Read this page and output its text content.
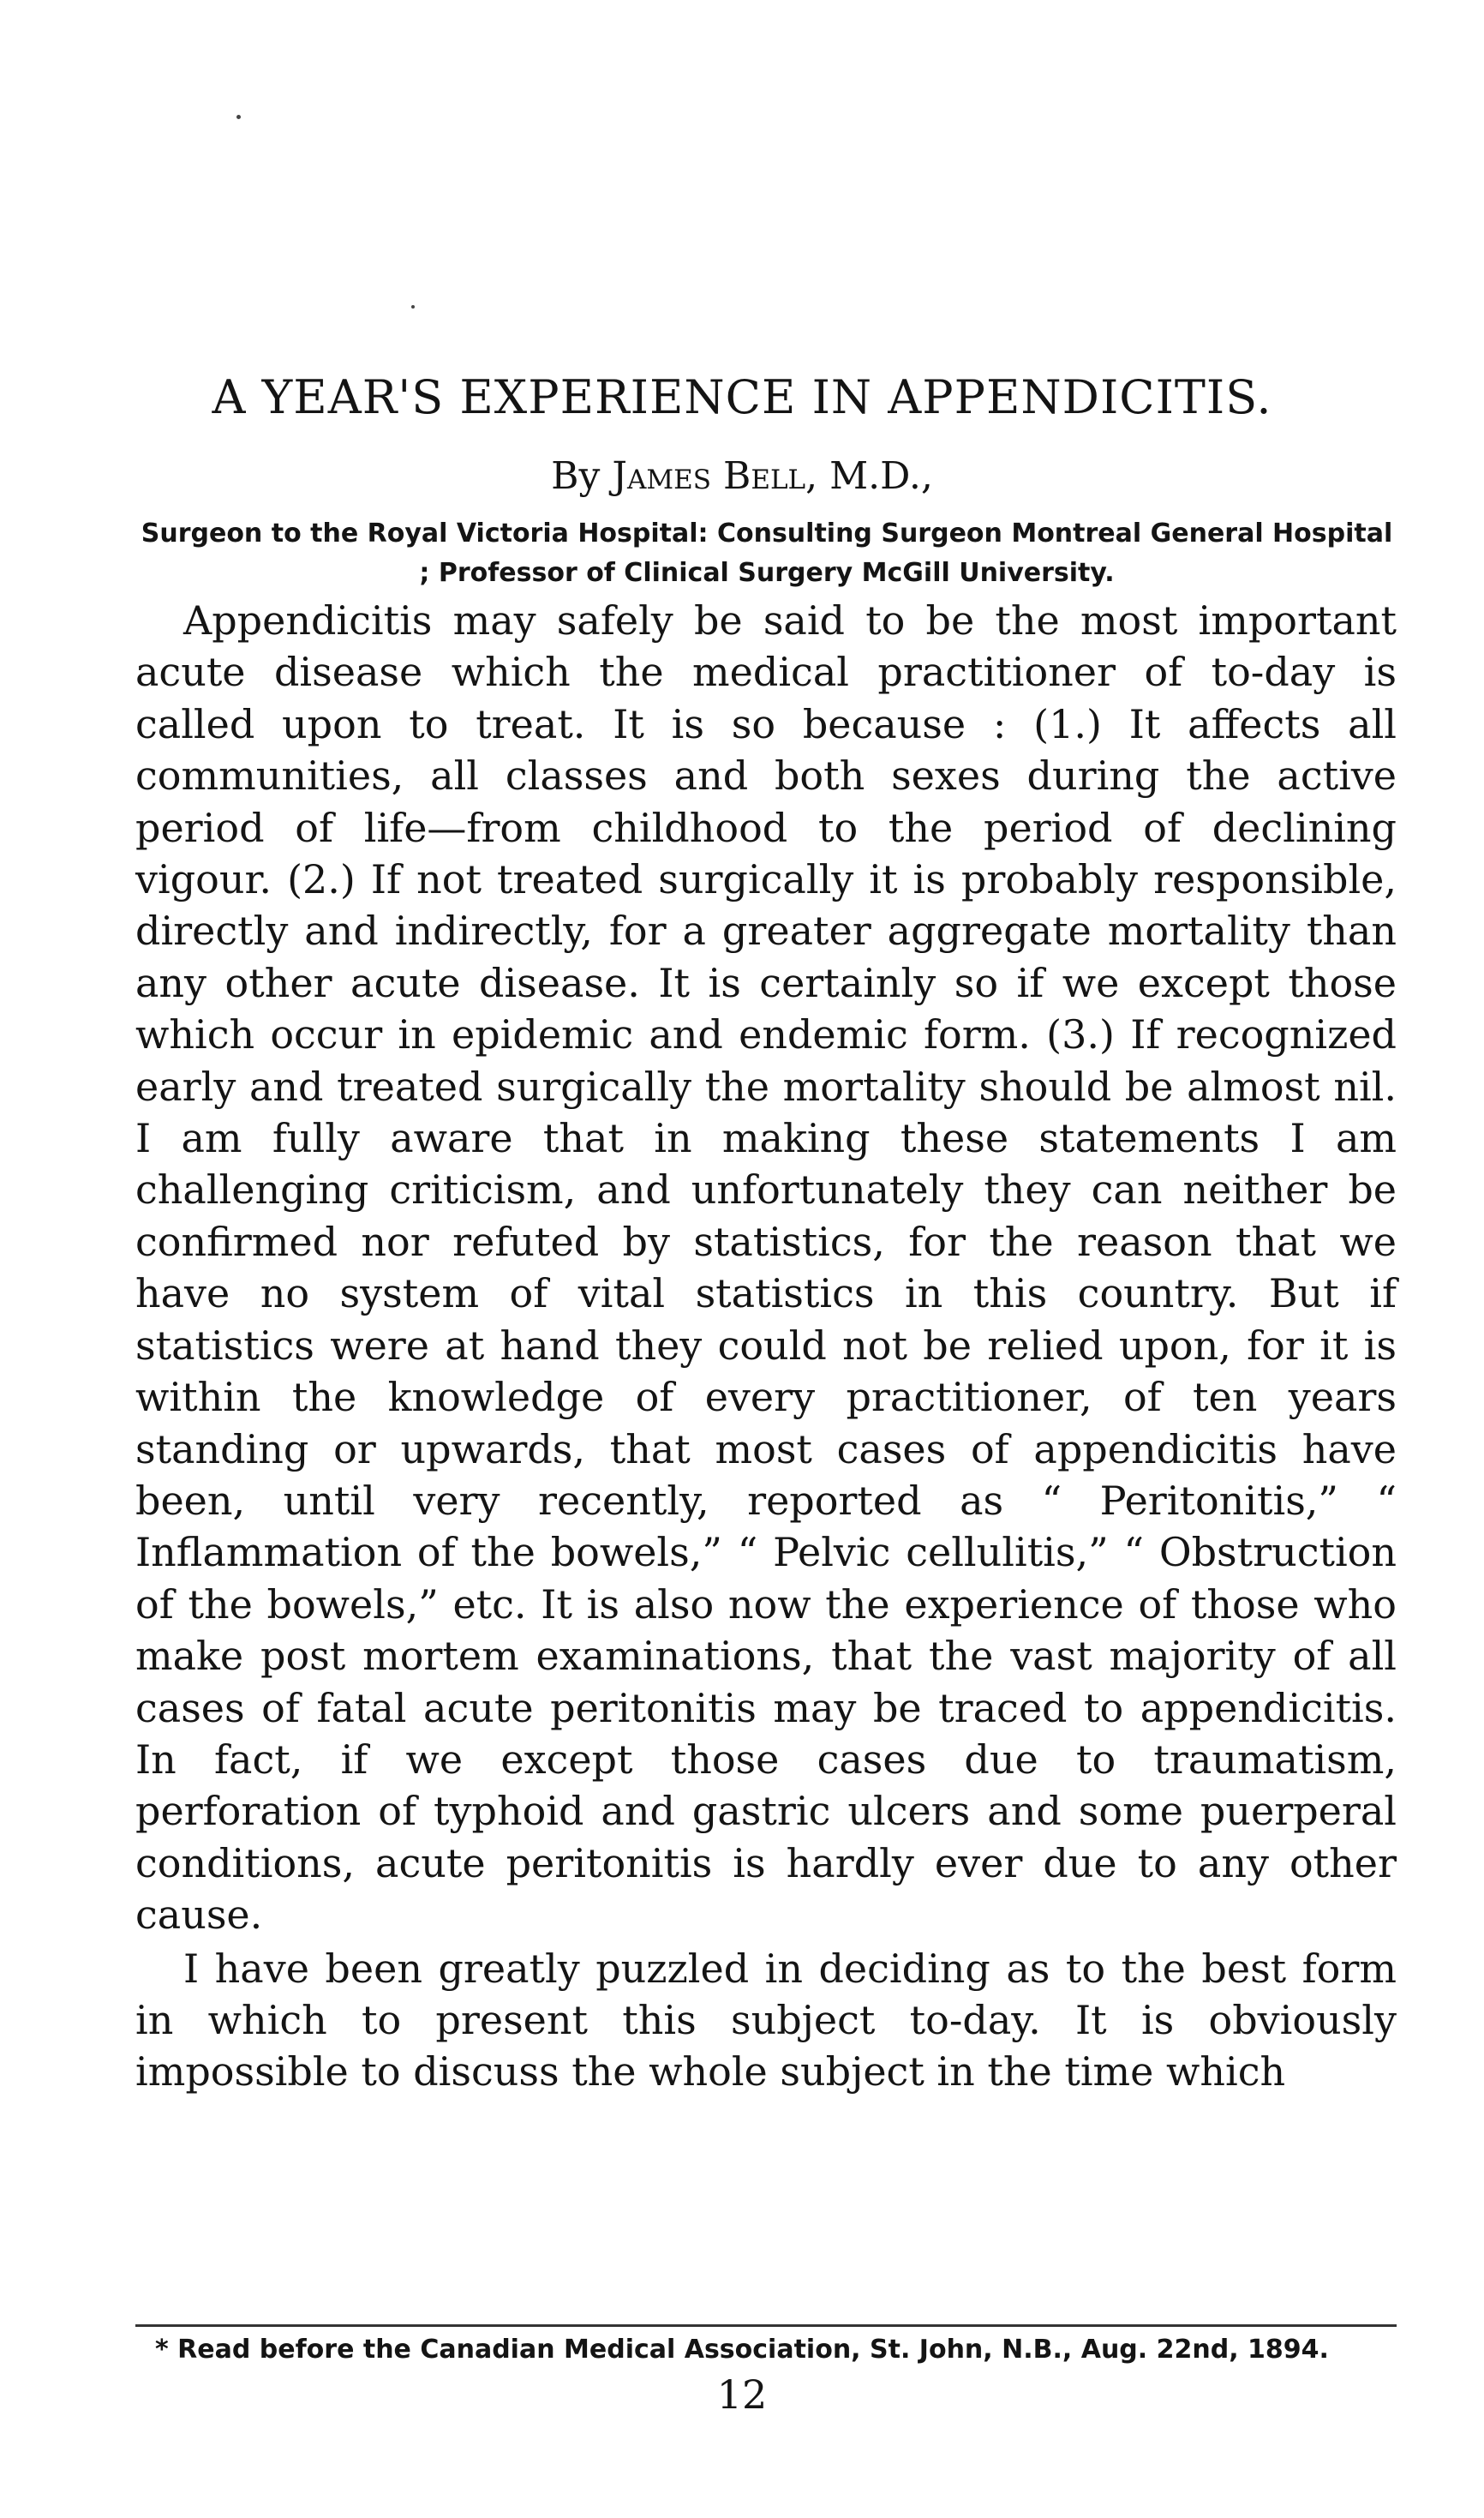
A YEAR'S EXPERIENCE IN APPENDICITIS.
By James Bell, M.D.,
Surgeon to the Royal Victoria Hospital: Consulting Surgeon Montreal General Hospital ; Professor of Clinical Surgery McGill University.

Appendicitis may safely be said to be the most important acute disease which the medical practitioner of to-day is called upon to treat. It is so because : (1.) It affects all communities, all classes and both sexes during the active period of life—from childhood to the period of declining vigour. (2.) If not treated surgically it is probably responsible, directly and indirectly, for a greater aggregate mortality than any other acute disease. It is certainly so if we except those which occur in epidemic and endemic form. (3.) If recognized early and treated surgically the mortality should be almost nil. I am fully aware that in making these statements I am challenging criticism, and unfortunately they can neither be confirmed nor refuted by statistics, for the reason that we have no system of vital statistics in this country. But if statistics were at hand they could not be relied upon, for it is within the knowledge of every practitioner, of ten years standing or upwards, that most cases of appendicitis have been, until very recently, reported as “ Peritonitis,” “ Inflammation of the bowels,” “ Pelvic cellulitis,” “ Obstruction of the bowels,” etc. It is also now the experience of those who make post mortem examinations, that the vast majority of all cases of fatal acute peritonitis may be traced to appendicitis. In fact, if we except those cases due to traumatism, perforation of typhoid and gastric ulcers and some puerperal conditions, acute peritonitis is hardly ever due to any other cause.

I have been greatly puzzled in deciding as to the best form in which to present this subject to-day. It is obviously impossible to discuss the whole subject in the time which

* Read before the Canadian Medical Association, St. John, N.B., Aug. 22nd, 1894.
12
